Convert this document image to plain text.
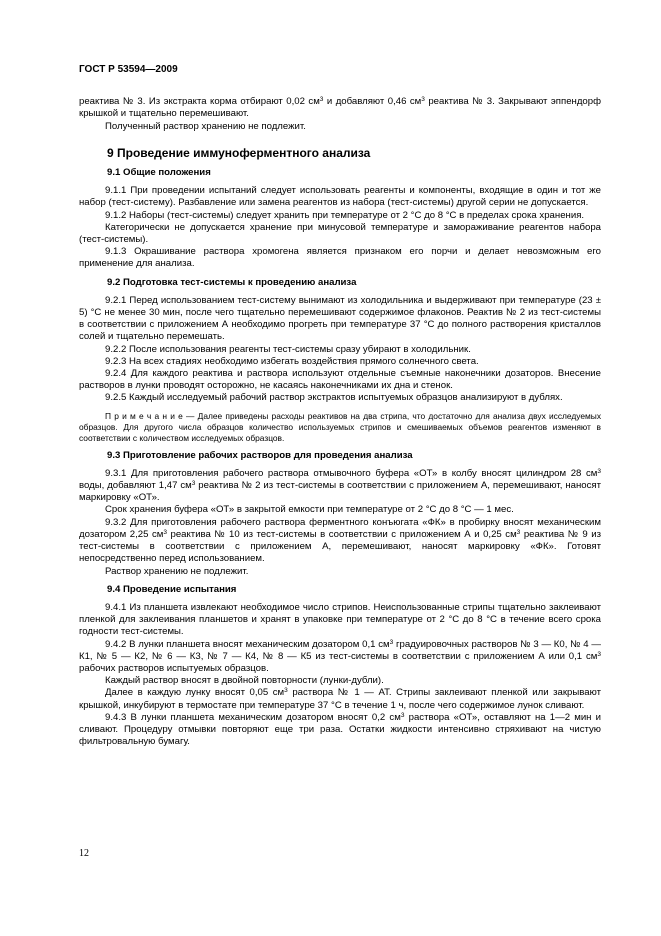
ГОСТ Р 53594—2009

реактива № 3. Из экстракта корма отбирают 0,02 $см^3$ и добавляют 0,46 $см^3$ реактива № 3. Закрывают эппендорф крышкой и тщательно перемешивают.

Полученный раствор хранению не подлежит.

9 Проведение иммуноферментного анализа
9.1 Общие положения

9.1.1 При проведении испытаний следует использовать реагенты и компоненты, входящие в один и тот же набор (тест-систему). Разбавление или замена реагентов из набора (тест-системы) другой серии не допускается.

9.1.2 Наборы (тест-системы) следует хранить при температуре от 2 °С до 8 °С в пределах срока хранения.

Категорически не допускается хранение при минусовой температуре и замораживание реагентов набора (тест-системы).

9.1.3 Окрашивание раствора хромогена является признаком его порчи и делает невозможным его применение для анализа.

9.2 Подготовка тест-системы к проведению анализа

9.2.1 Перед использованием тест-систему вынимают из холодильника и выдерживают при температуре (23 ± 5) °С не менее 30 мин, после чего тщательно перемешивают содержимое флаконов. Реактив № 2 из тест-системы в соответствии с приложением А необходимо прогреть при температуре 37 °С до полного растворения кристаллов солей и тщательно перемешать.

9.2.2 После использования реагенты тест-системы сразу убирают в холодильник.

9.2.3 На всех стадиях необходимо избегать воздействия прямого солнечного света.

9.2.4 Для каждого реактива и раствора используют отдельные съемные наконечники дозаторов. Внесение растворов в лунки проводят осторожно, не касаясь наконечниками их дна и стенок.

9.2.5 Каждый исследуемый рабочий раствор экстрактов испытуемых образцов анализируют в дублях.

П р и м е ч а н и е — Далее приведены расходы реактивов на два стрипа, что достаточно для анализа двух исследуемых образцов. Для другого числа образцов количество используемых стрипов и смешиваемых объемов реагентов изменяют в соответствии с количеством исследуемых образцов.

9.3 Приготовление рабочих растворов для проведения анализа

9.3.1 Для приготовления рабочего раствора отмывочного буфера «ОТ» в колбу вносят цилиндром 28 $см^3$ воды, добавляют 1,47 $см^3$ реактива № 2 из тест-системы в соответствии с приложением А, перемешивают, наносят маркировку «ОТ».

Срок хранения буфера «ОТ» в закрытой емкости при температуре от 2 °С до 8 °С — 1 мес.

9.3.2 Для приготовления рабочего раствора ферментного конъюгата «ФК» в пробирку вносят механическим дозатором 2,25 $см^3$ реактива № 10 из тест-системы в соответствии с приложением А и 0,25 $см^3$ реактива № 9 из тест-системы в соответствии с приложением А, перемешивают, наносят маркировку «ФК». Готовят непосредственно перед использованием.

Раствор хранению не подлежит.

9.4 Проведение испытания

9.4.1 Из планшета извлекают необходимое число стрипов. Неиспользованные стрипы тщательно заклеивают пленкой для заклеивания планшетов и хранят в упаковке при температуре от 2 °С до 8 °С в течение всего срока годности тест-системы.

9.4.2 В лунки планшета вносят механическим дозатором 0,1 $см^3$ градуировочных растворов № 3 — К0, № 4 — К1, № 5 — К2, № 6 — К3, № 7 — К4, № 8 — К5 из тест-системы в соответствии с приложением А или 0,1 $см^3$ рабочих растворов испытуемых образцов.

Каждый раствор вносят в двойной повторности (лунки-дубли).

Далее в каждую лунку вносят 0,05 $см^3$ раствора № 1 — АТ. Стрипы заклеивают пленкой или закрывают крышкой, инкубируют в термостате при температуре 37 °С в течение 1 ч, после чего содержимое лунок сливают.

9.4.3 В лунки планшета механическим дозатором вносят 0,2 $см^3$ раствора «ОТ», оставляют на 1—2 мин и сливают. Процедуру отмывки повторяют еще три раза. Остатки жидкости интенсивно стряхивают на чистую фильтровальную бумагу.

12
